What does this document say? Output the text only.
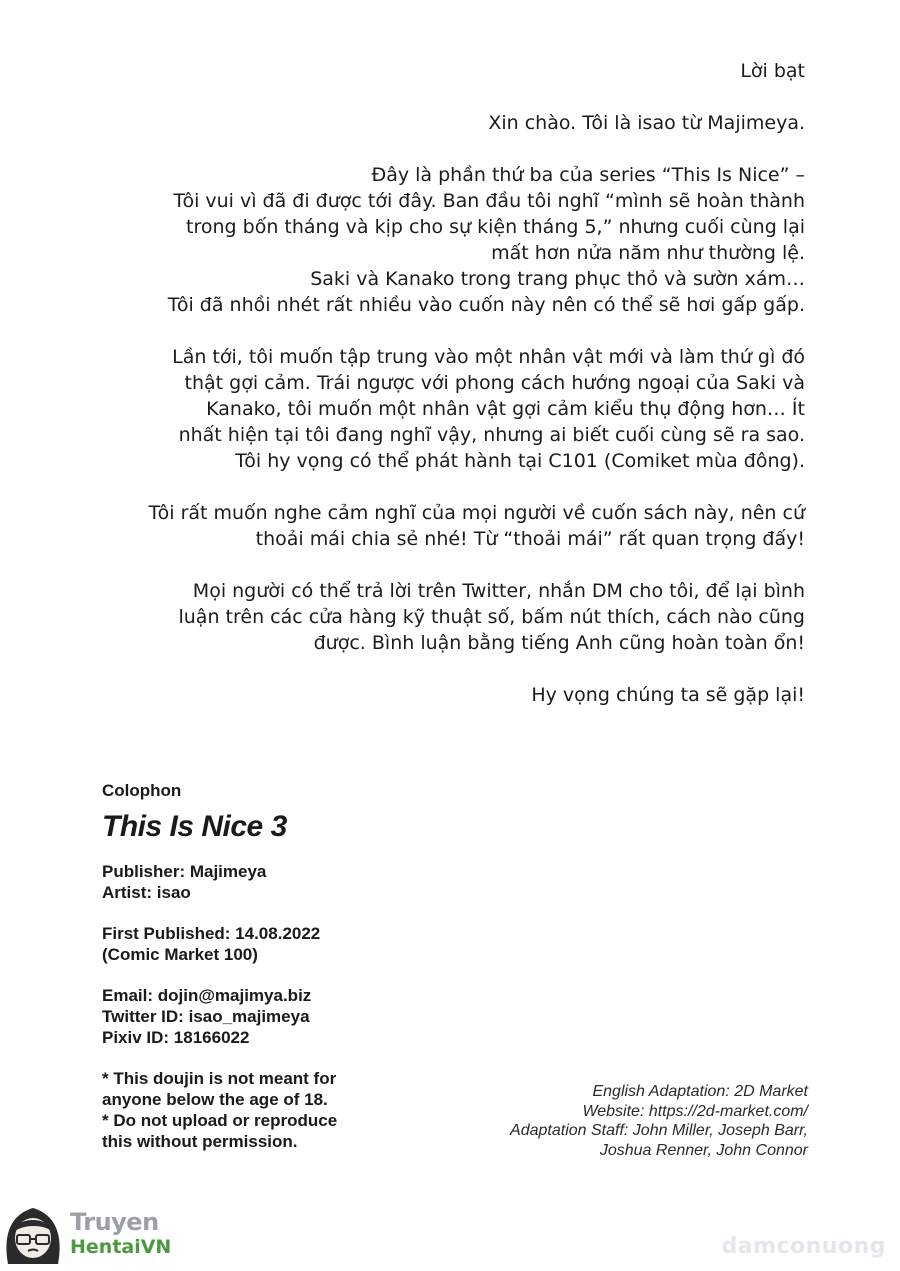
Lời bạt
Xin chào. Tôi là isao từ Majimeya.
Đây là phần thứ ba của series “This Is Nice” –
Tôi vui vì đã đi được tới đây. Ban đầu tôi nghĩ “mình sẽ hoàn thành
trong bốn tháng và kịp cho sự kiện tháng 5,” nhưng cuối cùng lại
mất hơn nửa năm như thường lệ.
Saki và Kanako trong trang phục thỏ và sườn xám…
Tôi đã nhồi nhét rất nhiều vào cuốn này nên có thể sẽ hơi gấp gấp.
Lần tới, tôi muốn tập trung vào một nhân vật mới và làm thứ gì đó
thật gợi cảm. Trái ngược với phong cách hướng ngoại của Saki và
Kanako, tôi muốn một nhân vật gợi cảm kiểu thụ động hơn… Ít
nhất hiện tại tôi đang nghĩ vậy, nhưng ai biết cuối cùng sẽ ra sao.
Tôi hy vọng có thể phát hành tại C101 (Comiket mùa đông).
Tôi rất muốn nghe cảm nghĩ của mọi người về cuốn sách này, nên cứ
thoải mái chia sẻ nhé! Từ “thoải mái” rất quan trọng đấy!
Mọi người có thể trả lời trên Twitter, nhắn DM cho tôi, để lại bình
luận trên các cửa hàng kỹ thuật số, bấm nút thích, cách nào cũng
được. Bình luận bằng tiếng Anh cũng hoàn toàn ổn!
Hy vọng chúng ta sẽ gặp lại!
Colophon
This Is Nice 3
Publisher: Majimeya
Artist: isao
First Published: 14.08.2022
(Comic Market 100)
Email: dojin@majimya.biz
Twitter ID: isao_majimeya
Pixiv ID: 18166022
* This doujin is not meant for
anyone below the age of 18.
* Do not upload or reproduce
this without permission.
English Adaptation: 2D Market
Website: https://2d-market.com/
Adaptation Staff: John Miller, Joseph Barr,
Joshua Renner, John Connor
Truyen
HentaiVN	damconuong
